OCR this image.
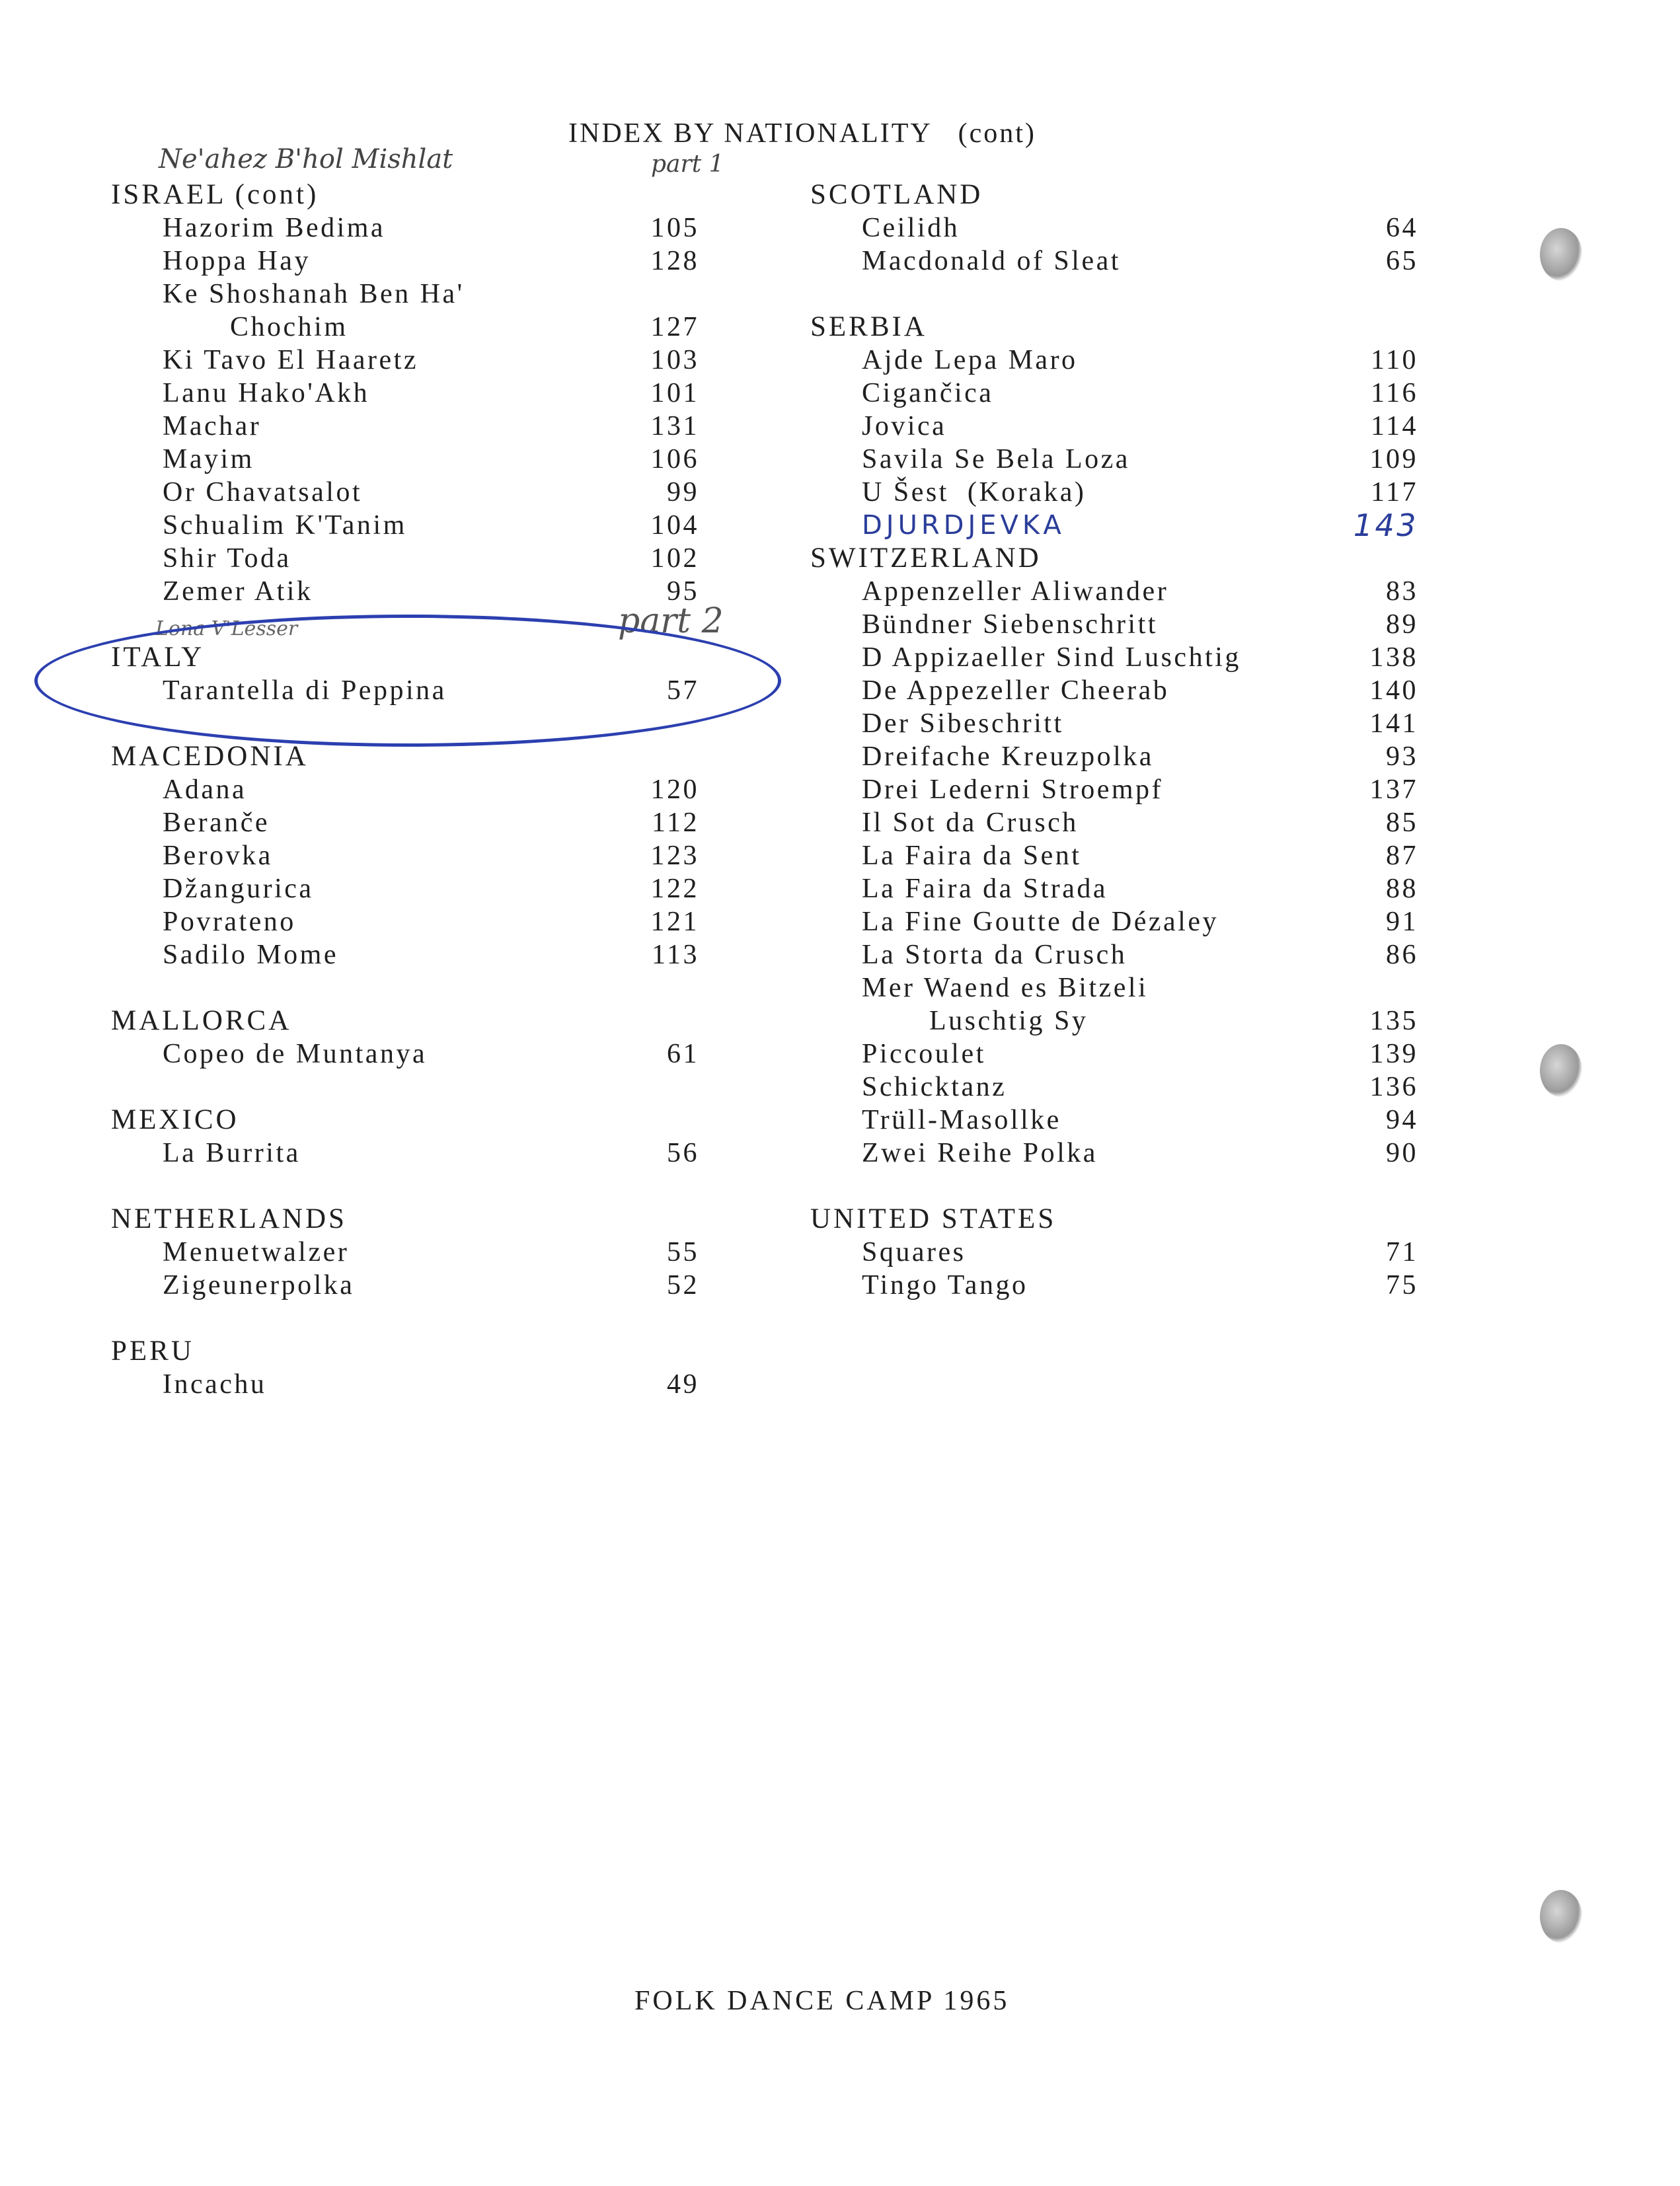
INDEX BY NATIONALITY   (cont)
Ne'ahez B'hol Mishlat	part 1
Lona V'Lesser	part 2
ISRAEL (cont)
Hazorim Bedima	105
Hoppa Hay	128
Ke Shoshanah Ben Ha'
Chochim	127
Ki Tavo El Haaretz	103
Lanu Hako'Akh	101
Machar	131
Mayim	106
Or Chavatsalot	99
Schualim K'Tanim	104
Shir Toda	102
Zemer Atik	95
ITALY
Tarantella di Peppina	57
MACEDONIA
Adana	120
Berančе	112
Berovka	123
Džangurica	122
Povrateno	121
Sadilo Mome	113
MALLORCA
Copeo de Muntanya	61
MEXICO
La Burrita	56
NETHERLANDS
Menuetwalzer	55
Zigeunerpolka	52
PERU
Incachu	49
SCOTLAND
Ceilidh	64
Macdonald of Sleat	65
SERBIA
Ajde Lepa Maro	110
Cigančica	116
Jovica	114
Savila Se Bela Loza	109
U Šest  (Koraka)	117
DJURDJEVKA	143
SWITZERLAND
Appenzeller Aliwander	83
Bündner Siebenschritt	89
D Appizaeller Sind Luschtig	138
De Appezeller Cheerab	140
Der Sibeschritt	141
Dreifache Kreuzpolka	93
Drei Lederni Stroempf	137
Il Sot da Crusch	85
La Faira da Sent	87
La Faira da Strada	88
La Fine Goutte de Dézaley	91
La Storta da Crusch	86
Mer Waend es Bitzeli
Luschtig Sy	135
Piccoulet	139
Schicktanz	136
Trüll-Masollke	94
Zwei Reihe Polka	90
UNITED STATES
Squares	71
Tingo Tango	75
FOLK DANCE CAMP 1965
